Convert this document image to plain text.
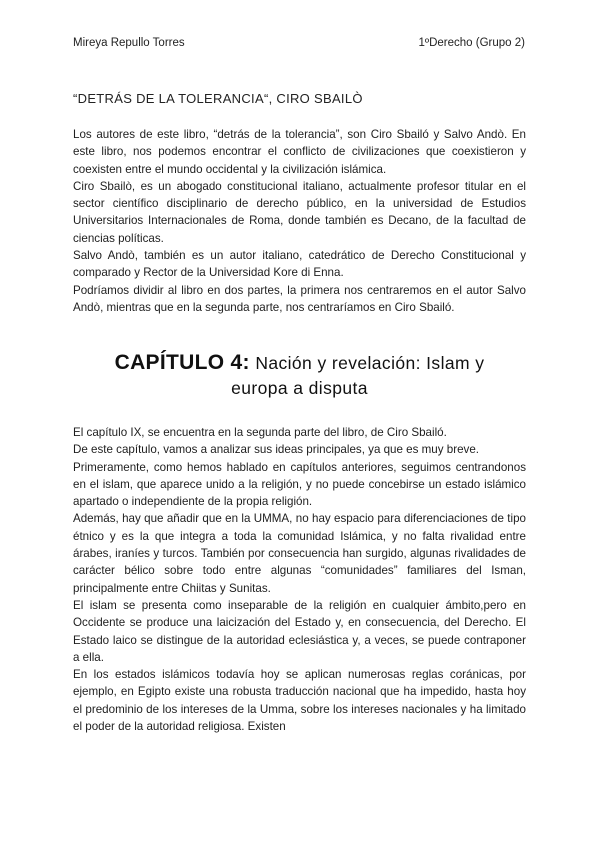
Mireya Repullo Torres	1ºDerecho (Grupo 2)
“DETRÁS DE LA TOLERANCIA“, CIRO SBAILÒ

Los autores de este libro, “detrás de la tolerancia”, son Ciro Sbailó y Salvo Andò. En este libro, nos podemos encontrar el conflicto de civilizaciones que coexistieron y coexisten entre el mundo occidental y la civilización islámica.

Ciro Sbailò, es un abogado constitucional italiano, actualmente profesor titular en el sector científico disciplinario de derecho público, en la universidad de Estudios Universitarios Internacionales de Roma, donde también es Decano, de la facultad de ciencias políticas.

Salvo Andò, también es un autor italiano, catedrático de Derecho Constitucional y comparado y Rector de la Universidad Kore di Enna.

Podríamos dividir al libro en dos partes, la primera nos centraremos en el autor Salvo Andò, mientras que en la segunda parte, nos centraríamos en Ciro Sbailó.

CAPÍTULO 4: Nación y revelación: Islam y
europa a disputa

El capítulo IX, se encuentra en la segunda parte del libro, de Ciro Sbailó.

De este capítulo, vamos a analizar sus ideas principales, ya que es muy breve.

Primeramente, como hemos hablado en capítulos anteriores, seguimos centrandonos en el islam, que aparece unido a la religión, y no puede concebirse un estado islámico apartado o independiente de la propia religión.

Además, hay que añadir que en la UMMA, no hay espacio para diferenciaciones de tipo étnico y es la que integra a toda la comunidad Islámica, y no falta rivalidad entre árabes, iraníes y turcos. También por consecuencia han surgido, algunas rivalidades de carácter bélico sobre todo entre algunas “comunidades” familiares del Isman, principalmente entre Chiitas y Sunitas.

El islam se presenta como inseparable de la religión en cualquier ámbito,pero en Occidente se produce una laicización del Estado y, en consecuencia, del Derecho. El Estado laico se distingue de la autoridad eclesiástica y, a veces, se puede contraponer a ella.

En los estados islámicos todavía hoy se aplican numerosas reglas coránicas, por ejemplo, en Egipto existe una robusta traducción nacional que ha impedido, hasta hoy el predominio de los intereses de la Umma, sobre los intereses nacionales y ha limitado el poder de la autoridad religiosa. Existen
